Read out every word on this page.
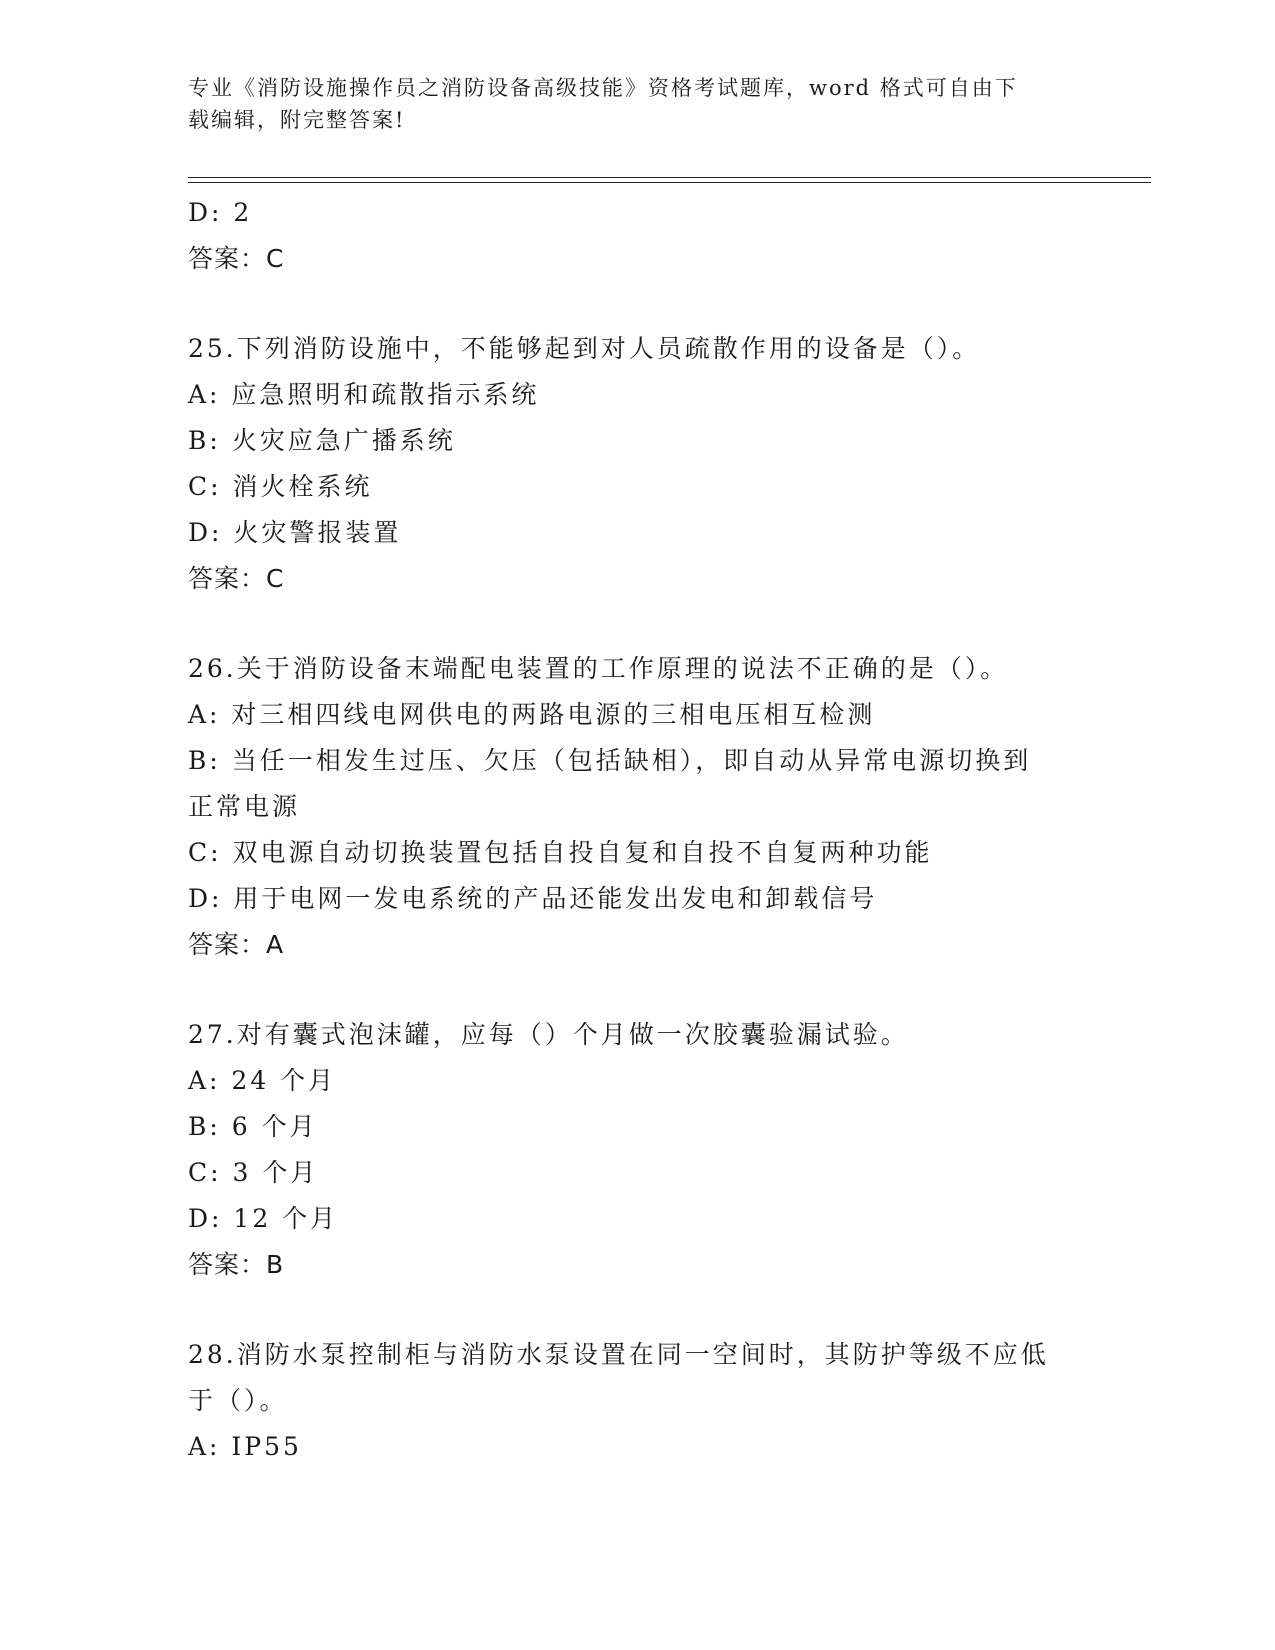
专业《消防设施操作员之消防设备高级技能》资格考试题库，word 格式可自由下
载编辑，附完整答案!
D: 2
答案：C
25.下列消防设施中，不能够起到对人员疏散作用的设备是（）。
A: 应急照明和疏散指示系统
B: 火灾应急广播系统
C: 消火栓系统
D: 火灾警报装置
答案：C
26.关于消防设备末端配电装置的工作原理的说法不正确的是（）。
A: 对三相四线电网供电的两路电源的三相电压相互检测
B: 当任一相发生过压、欠压（包括缺相），即自动从异常电源切换到
正常电源
C: 双电源自动切换装置包括自投自复和自投不自复两种功能
D: 用于电网一发电系统的产品还能发出发电和卸载信号
答案：A
27.对有囊式泡沫罐，应每（）个月做一次胶囊验漏试验。
A: 24 个月
B: 6 个月
C: 3 个月
D: 12 个月
答案：B
28.消防水泵控制柜与消防水泵设置在同一空间时，其防护等级不应低
于（）。
A: IP55
